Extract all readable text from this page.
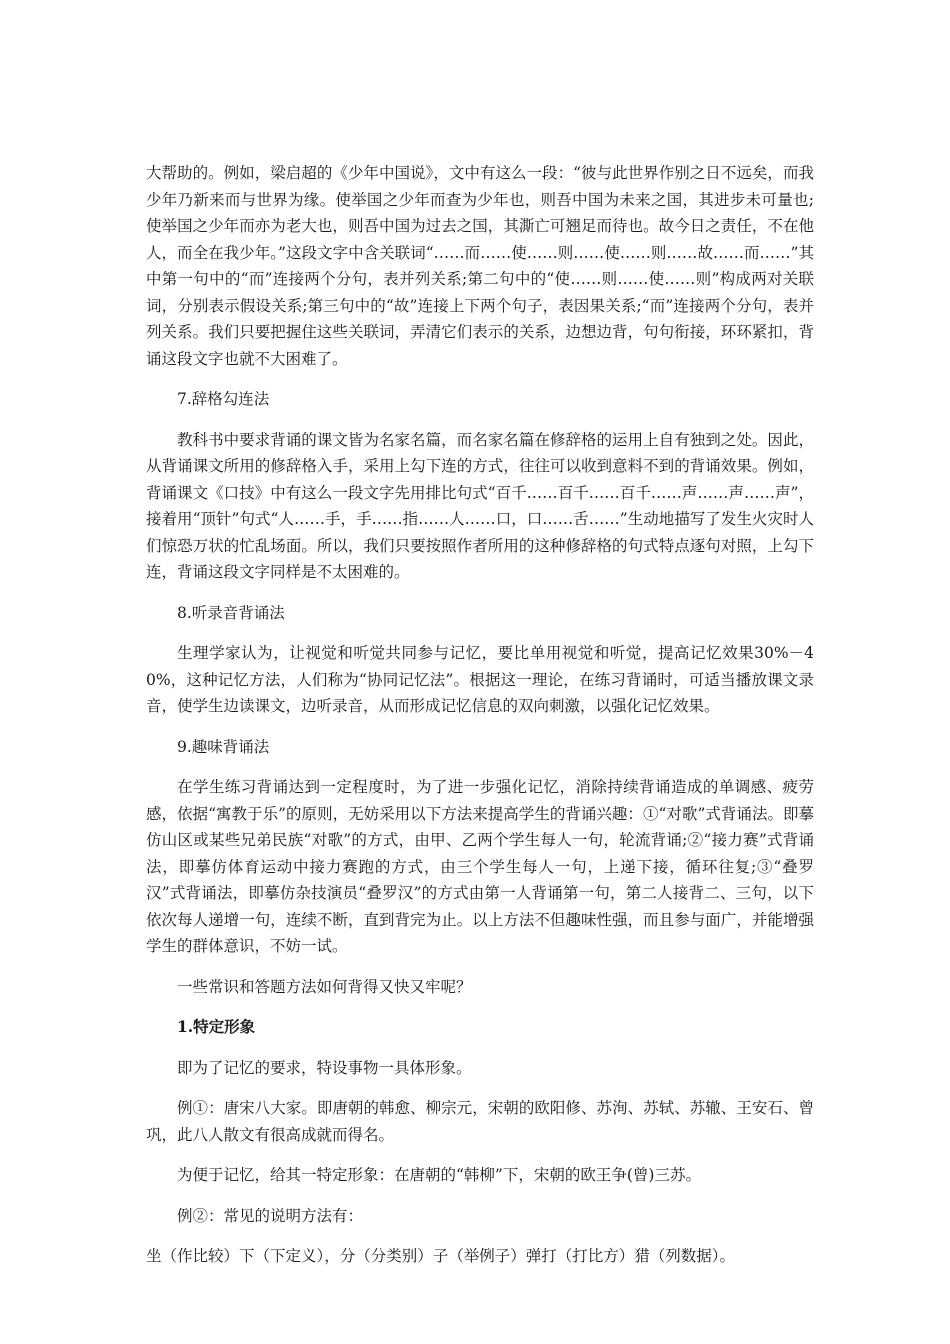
大帮助的。例如，梁启超的《少年中国说》，文中有这么一段：“彼与此世界作别之日不远矣，而我少年乃新来而与世界为缘。使举国之少年而查为少年也，则吾中国为未来之国，其进步未可量也;使举国之少年而亦为老大也，则吾中国为过去之国，其澌亡可翘足而待也。故今日之责任，不在他人，而全在我少年。”这段文字中含关联词“……而……使……则……使……则……故……而……”其中第一句中的“而”连接两个分句，表并列关系;第二句中的“使……则……使……则”构成两对关联词，分别表示假设关系;第三句中的“故”连接上下两个句子，表因果关系;“而”连接两个分句，表并列关系。我们只要把握住这些关联词，弄清它们表示的关系，边想边背，句句衔接，环环紧扣，背诵这段文字也就不大困难了。

7.辞格勾连法

教科书中要求背诵的课文皆为名家名篇，而名家名篇在修辞格的运用上自有独到之处。因此，从背诵课文所用的修辞格入手，采用上勾下连的方式，往往可以收到意料不到的背诵效果。例如，背诵课文《口技》中有这么一段文字先用排比句式“百千……百千……百千……声……声……声”，接着用“顶针”句式“人……手，手……指……人……口，口……舌……”生动地描写了发生火灾时人们惊恐万状的忙乱场面。所以，我们只要按照作者所用的这种修辞格的句式特点逐句对照，上勾下连，背诵这段文字同样是不太困难的。

8.听录音背诵法

生理学家认为，让视觉和听觉共同参与记忆，要比单用视觉和听觉，提高记忆效果30%－40%，这种记忆方法，人们称为“协同记忆法”。根据这一理论，在练习背诵时，可适当播放课文录音，使学生边读课文，边听录音，从而形成记忆信息的双向刺激，以强化记忆效果。

9.趣味背诵法

在学生练习背诵达到一定程度时，为了进一步强化记忆，消除持续背诵造成的单调感、疲劳感，依据“寓教于乐”的原则，无妨采用以下方法来提高学生的背诵兴趣：①“对歌”式背诵法。即摹仿山区或某些兄弟民族“对歌”的方式，由甲、乙两个学生每人一句，轮流背诵;②“接力赛”式背诵法，即摹仿体育运动中接力赛跑的方式，由三个学生每人一句，上递下接，循环往复;③“叠罗汉”式背诵法，即摹仿杂技演员“叠罗汉”的方式由第一人背诵第一句，第二人接背二、三句，以下依次每人递增一句，连续不断，直到背完为止。以上方法不但趣味性强，而且参与面广，并能增强学生的群体意识，不妨一试。

一些常识和答题方法如何背得又快又牢呢？

1.特定形象

即为了记忆的要求，特设事物一具体形象。

例①：唐宋八大家。即唐朝的韩愈、柳宗元，宋朝的欧阳修、苏洵、苏轼、苏辙、王安石、曾巩，此八人散文有很高成就而得名。

为便于记忆，给其一特定形象：在唐朝的“韩柳”下，宋朝的欧王争(曾)三苏。

例②：常见的说明方法有：

坐（作比较）下（下定义），分（分类别）子（举例子）弹打（打比方）猎（列数据）。
